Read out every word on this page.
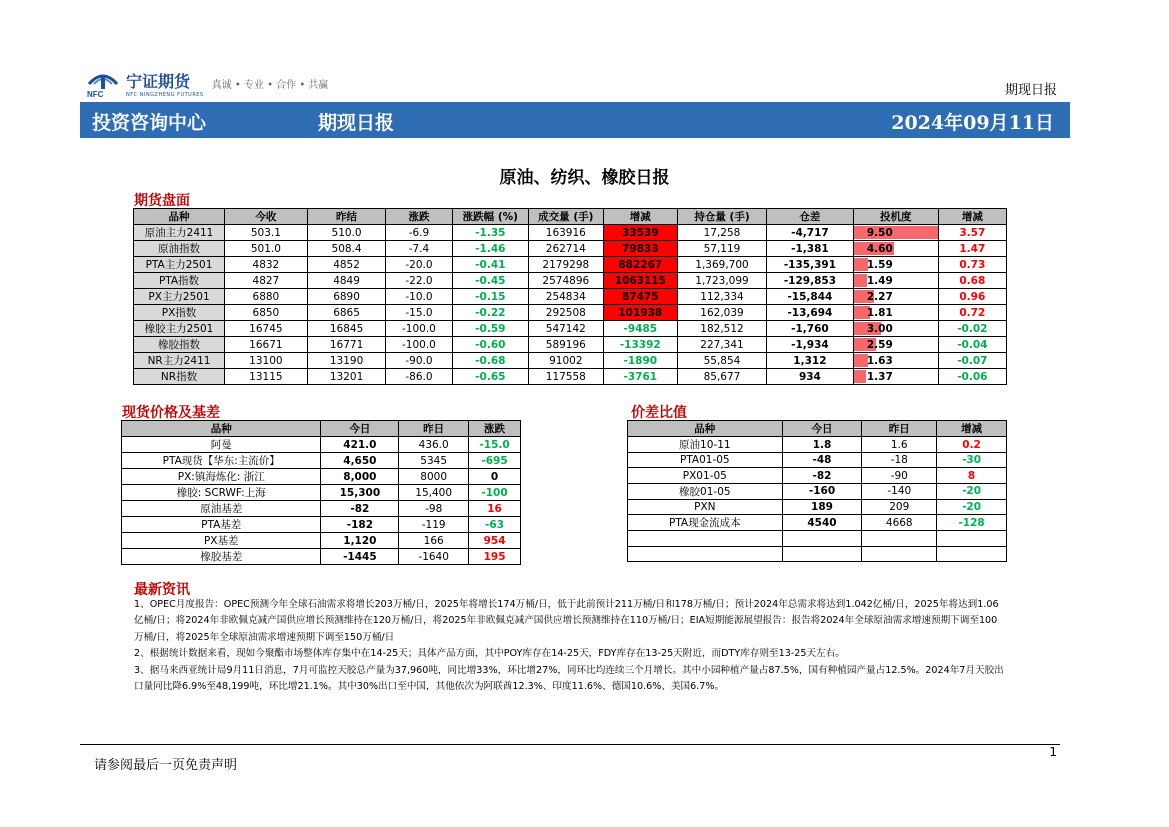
NFC
宁证期货
NFC NINGZHENG FUTURES
真诚 • 专业 • 合作 • 共赢	期现日报
投资咨询中心	期现日报	2024年09月11日
原油、纺织、橡胶日报
期货盘面
品种	今收	昨结	涨跌	涨跌幅 (%)	成交量 (手)	增减	持仓量 (手)	仓差	投机度	增减
原油主力2411	503.1	510.0	-6.9	-1.35	163916	33539	17,258	-4,717	9.50	3.57
原油指数	501.0	508.4	-7.4	-1.46	262714	79833	57,119	-1,381	4.60	1.47
PTA主力2501	4832	4852	-20.0	-0.41	2179298	882267	1,369,700	-135,391	1.59	0.73
PTA指数	4827	4849	-22.0	-0.45	2574896	1063115	1,723,099	-129,853	1.49	0.68
PX主力2501	6880	6890	-10.0	-0.15	254834	87475	112,334	-15,844	2.27	0.96
PX指数	6850	6865	-15.0	-0.22	292508	101938	162,039	-13,694	1.81	0.72
橡胶主力2501	16745	16845	-100.0	-0.59	547142	-9485	182,512	-1,760	3.00	-0.02
橡胶指数	16671	16771	-100.0	-0.60	589196	-13392	227,341	-1,934	2.59	-0.04
NR主力2411	13100	13190	-90.0	-0.68	91002	-1890	55,854	1,312	1.63	-0.07
NR指数	13115	13201	-86.0	-0.65	117558	-3761	85,677	934	1.37	-0.06
现货价格及基差
品种	今日	昨日	涨跌
阿曼	421.0	436.0	-15.0
PTA现货【华东:主流价】	4,650	5345	-695
PX:镇海炼化: 浙江	8,000	8000	0
橡胶: SCRWF:上海	15,300	15,400	-100
原油基差	-82	-98	16
PTA基差	-182	-119	-63
PX基差	1,120	166	954
橡胶基差	-1445	-1640	195
价差比值
品种	今日	昨日	增减
原油10-11	1.8	1.6	0.2
PTA01-05	-48	-18	-30
PX01-05	-82	-90	8
橡胶01-05	-160	-140	-20
PXN	189	209	-20
PTA现金流成本	4540	4668	-128

最新资讯

1、OPEC月度报告：OPEC预测今年全球石油需求将增长203万桶/日，2025年将增长174万桶/日，低于此前预计211万桶/日和178万桶/日；预计2024年总需求将达到1.042亿桶/日，2025年将达到1.06亿桶/日；将2024年非欧佩克减产国供应增长预测维持在120万桶/日，将2025年非欧佩克减产国供应增长预测维持在110万桶/日；EIA短期能源展望报告：报告将2024年全球原油需求增速预期下调至100万桶/日，将2025年全球原油需求增速预期下调至150万桶/日

2、根据统计数据来看，现如今聚酯市场整体库存集中在14-25天；具体产品方面，其中POY库存在14-25天，FDY库存在13-25天附近，而DTY库存则至13-25天左右。

3、据马来西亚统计局9月11日消息，7月可监控天胶总产量为37,960吨，同比增33%，环比增27%，同环比均连续三个月增长。其中小园种植产量占87.5%，国有种植园产量占12.5%。2024年7月天胶出口量同比降6.9%至48,199吨，环比增21.1%。其中30%出口至中国，其他依次为阿联酋12.3%、印度11.6%、德国10.6%、美国6.7%。

1
请参阅最后一页免责声明
